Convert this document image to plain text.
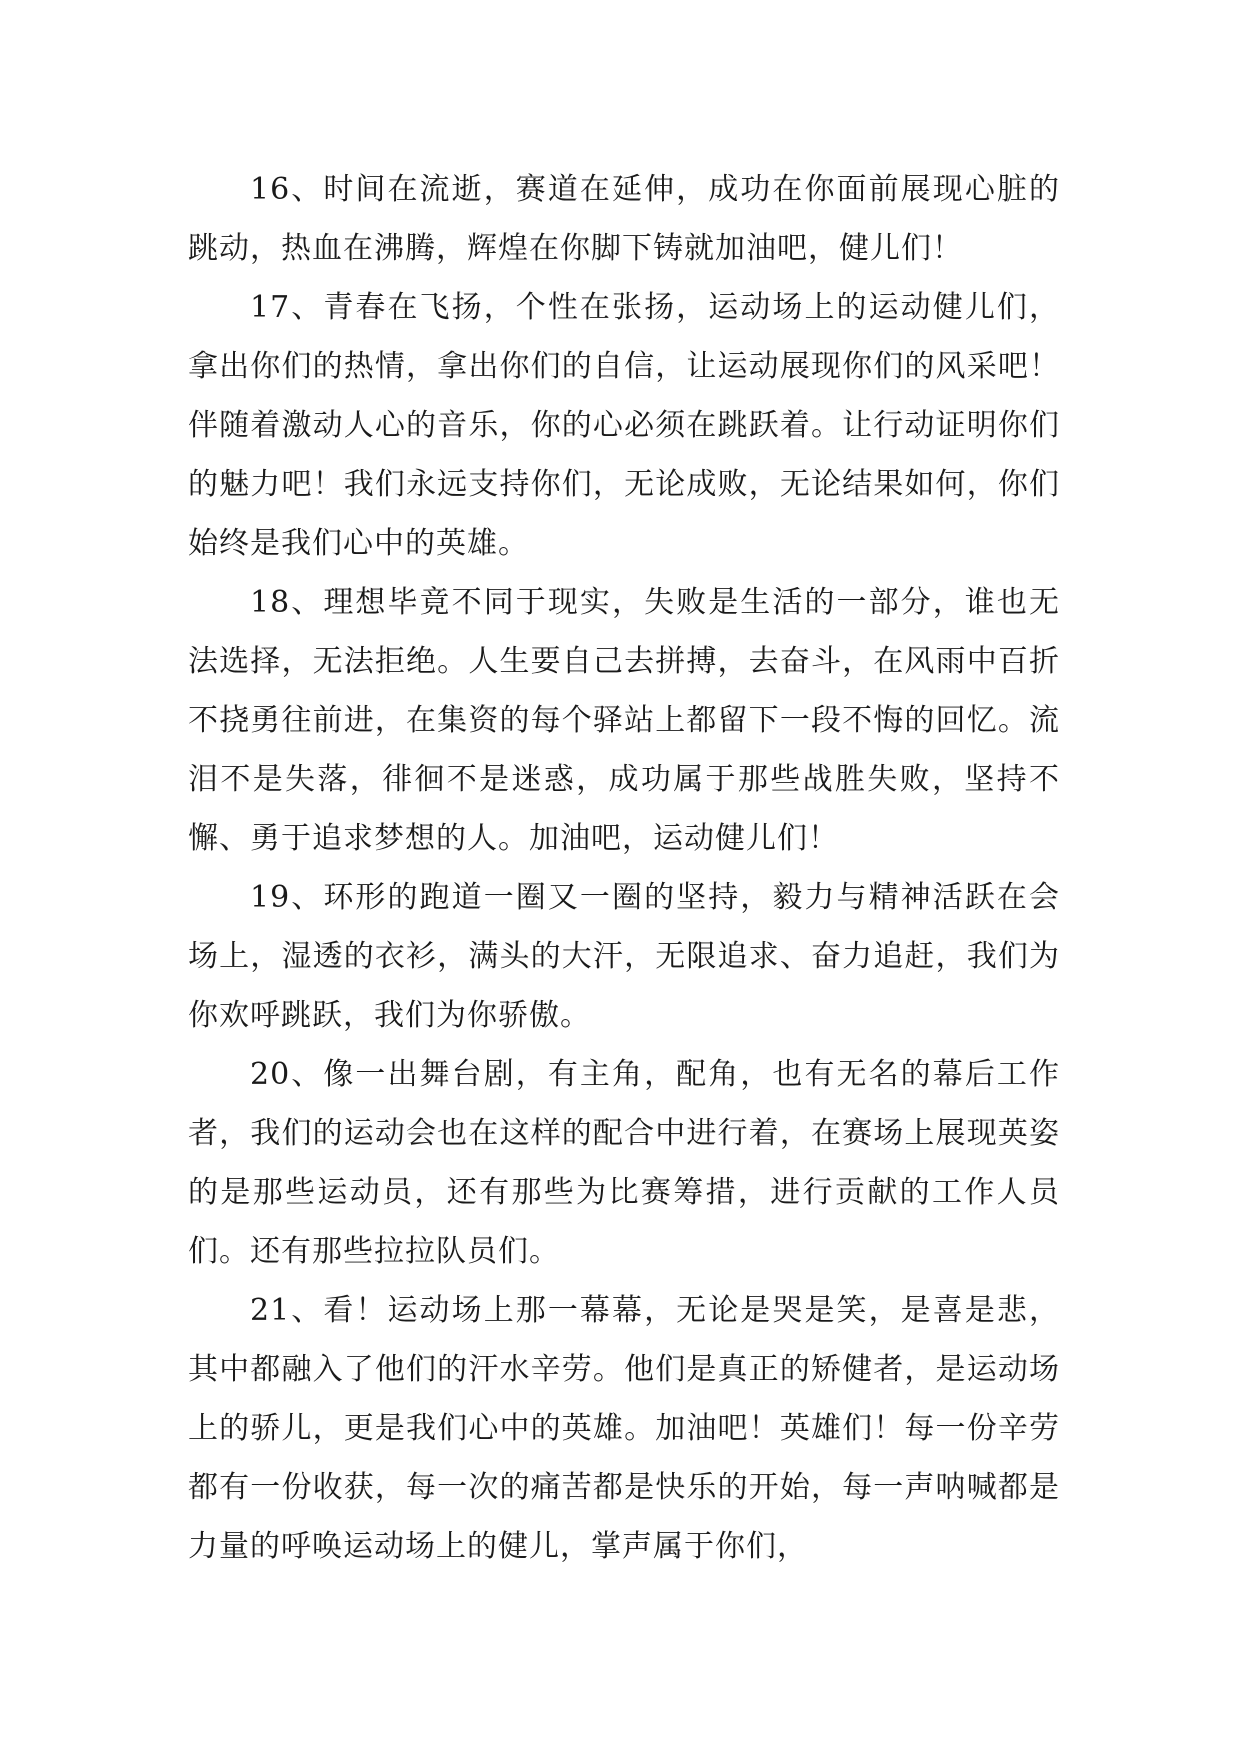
16、时间在流逝，赛道在延伸，成功在你面前展现心脏的跳动，热血在沸腾，辉煌在你脚下铸就加油吧，健儿们！

17、青春在飞扬，个性在张扬，运动场上的运动健儿们，拿出你们的热情，拿出你们的自信，让运动展现你们的风采吧！伴随着激动人心的音乐，你的心必须在跳跃着。让行动证明你们的魅力吧！我们永远支持你们，无论成败，无论结果如何，你们始终是我们心中的英雄。

18、理想毕竟不同于现实，失败是生活的一部分，谁也无法选择，无法拒绝。人生要自己去拼搏，去奋斗，在风雨中百折不挠勇往前进，在集资的每个驿站上都留下一段不悔的回忆。流泪不是失落，徘徊不是迷惑，成功属于那些战胜失败，坚持不懈、勇于追求梦想的人。加油吧，运动健儿们！

19、环形的跑道一圈又一圈的坚持，毅力与精神活跃在会场上，湿透的衣衫，满头的大汗，无限追求、奋力追赶，我们为你欢呼跳跃，我们为你骄傲。

20、像一出舞台剧，有主角，配角，也有无名的幕后工作者，我们的运动会也在这样的配合中进行着，在赛场上展现英姿的是那些运动员，还有那些为比赛筹措，进行贡献的工作人员们。还有那些拉拉队员们。

21、看！运动场上那一幕幕，无论是哭是笑，是喜是悲，其中都融入了他们的汗水辛劳。他们是真正的矫健者，是运动场上的骄儿，更是我们心中的英雄。加油吧！英雄们！每一份辛劳都有一份收获，每一次的痛苦都是快乐的开始，每一声呐喊都是力量的呼唤运动场上的健儿，掌声属于你们，
